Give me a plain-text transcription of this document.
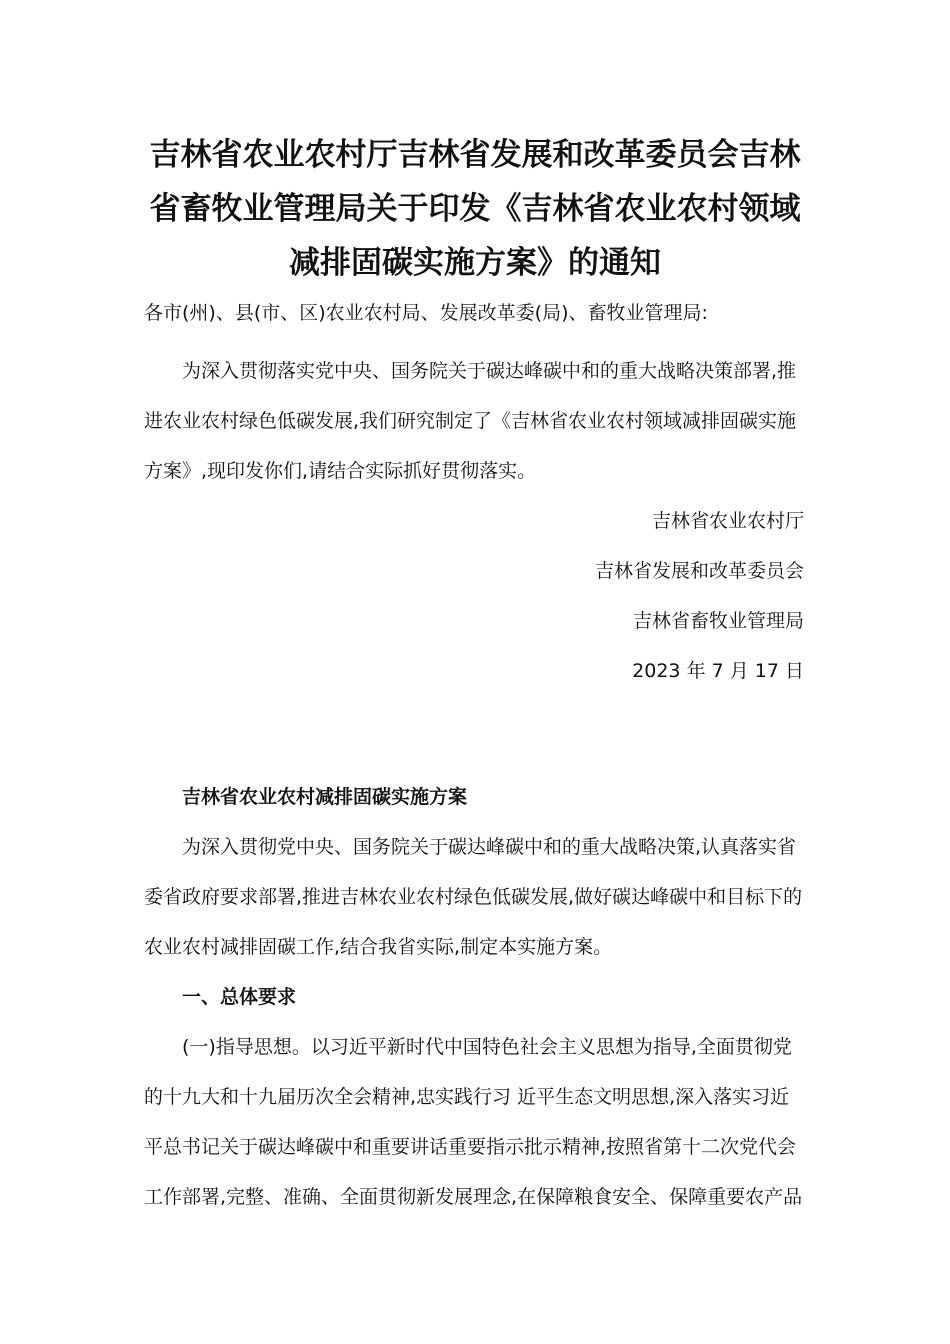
吉林省农业农村厅吉林省发展和改革委员会吉林
省畜牧业管理局关于印发《吉林省农业农村领域
减排固碳实施方案》的通知

各市(州)、县(市、区)农业农村局、发展改革委(局)、畜牧业管理局:

为深入贯彻落实党中央、国务院关于碳达峰碳中和的重大战略决策部署,推
进农业农村绿色低碳发展,我们研究制定了《吉林省农业农村领域减排固碳实施
方案》,现印发你们,请结合实际抓好贯彻落实。

吉林省农业农村厅
吉林省发展和改革委员会
吉林省畜牧业管理局
2023 年 7 月 17 日

吉林省农业农村减排固碳实施方案

为深入贯彻党中央、国务院关于碳达峰碳中和的重大战略决策,认真落实省
委省政府要求部署,推进吉林农业农村绿色低碳发展,做好碳达峰碳中和目标下的
农业农村减排固碳工作,结合我省实际,制定本实施方案。

一、总体要求

(一)指导思想。以习近平新时代中国特色社会主义思想为指导,全面贯彻党
的十九大和十九届历次全会精神,忠实践行习 近平生态文明思想,深入落实习近
平总书记关于碳达峰碳中和重要讲话重要指示批示精神,按照省第十二次党代会
工作部署,完整、准确、全面贯彻新发展理念,在保障粮食安全、保障重要农产品
